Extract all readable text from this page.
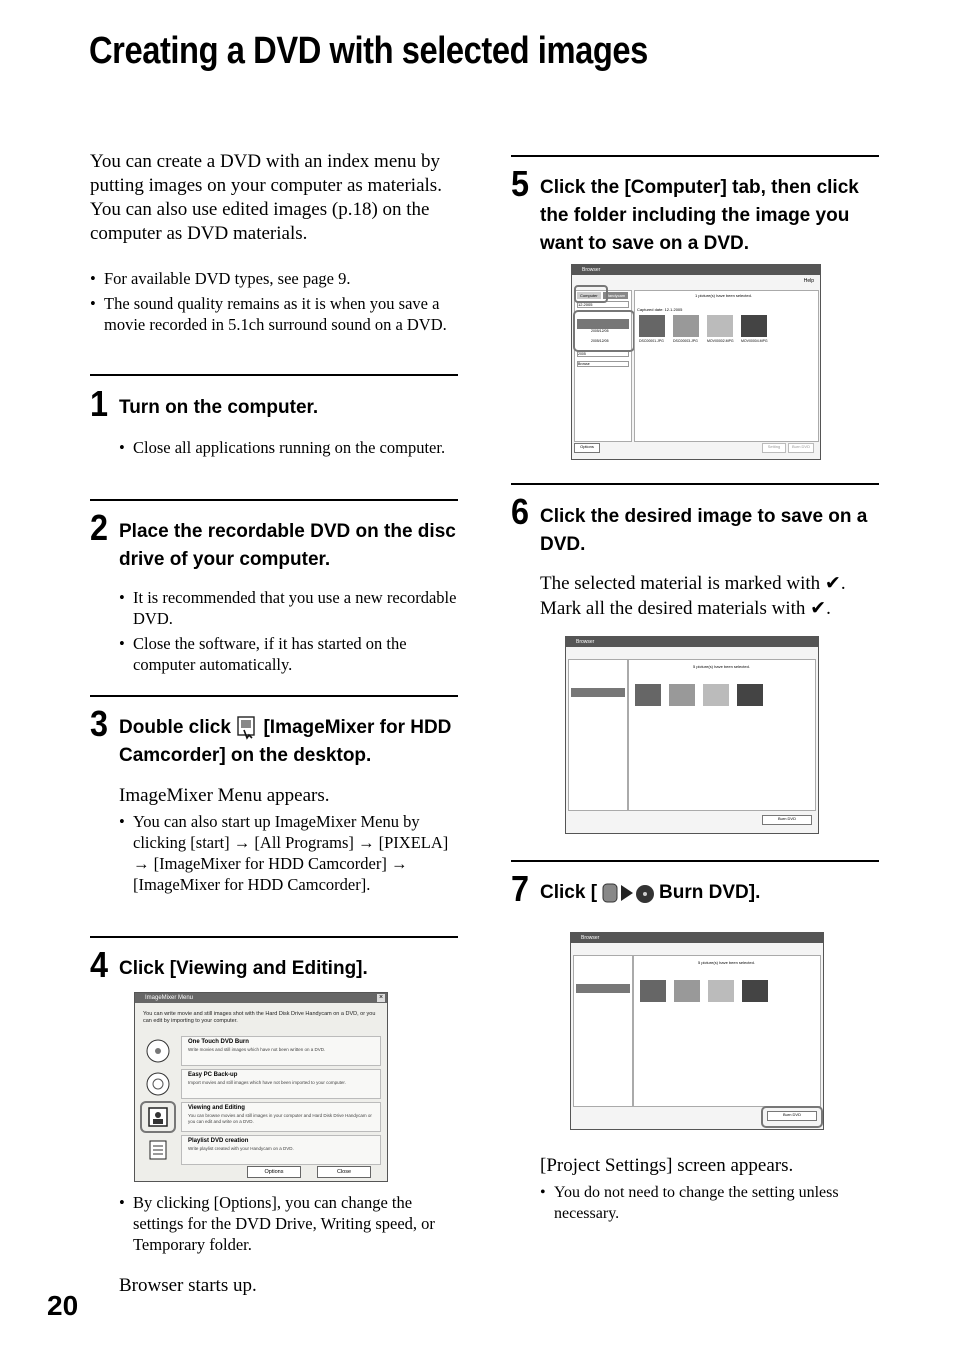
Creating a DVD with selected images
You can create a DVD with an index menu by putting images on your computer as materials. You can also use edited images (p.18) on the computer as DVD materials.
• For available DVD types, see page 9.
• The sound quality remains as it is when you save a movie recorded in 5.1ch surround sound on a DVD.
1 Turn on the computer.
• Close all applications running on the computer.
2 Place the recordable DVD on the disc drive of your computer.
• It is recommended that you use a new recordable DVD.
• Close the software, if it has started on the computer automatically.
3 Double click [ImageMixer for HDD Camcorder] on the desktop.
ImageMixer Menu appears.
• You can also start up ImageMixer Menu by clicking [start] → [All Programs] → [PIXELA] → [ImageMixer for HDD Camcorder] → [ImageMixer for HDD Camcorder].
4 Click [Viewing and Editing].
ImageMixer Menu	×
You can write movie and still images shot with the Hard Disk Drive Handycam on a DVD, or you can edit by importing to your computer.
One Touch DVD Burn
Write movies and still images which have not been written on a DVD.
Easy PC Back-up
Import movies and still images which have not been imported to your computer.
Viewing and Editing
You can browse movies and still images in your computer and Hard Disk Drive Handycam or you can edit and write on a DVD.
Playlist DVD creation
Write playlist created with your Handycam on a DVD.
Options	Close
• By clicking [Options], you can change the settings for the DVD Drive, Writing speed, or Temporary folder.
Browser starts up.
20
5 Click the [Computer] tab, then click the folder including the image you want to save on a DVD.
Browser
Help
Computer	Handycam
12.2005
2005/12/05
2005/12/05
2005
Browse
1 picture(s) have been selected.
Captured date: 12.1.2005
DSC00001.JPG	DSC00003.JPG	MOV00002.MPG MOV00004.MPG
Options	Setting	Burn DVD
6 Click the desired image to save on a DVD.
The selected material is marked with ✔.
Mark all the desired materials with ✔.
Browser
5 picture(s) have been selected.
Burn DVD
7 Click [	Burn DVD].
Browser
5 picture(s) have been selected.
Burn DVD
[Project Settings] screen appears.
• You do not need to change the setting unless necessary.
